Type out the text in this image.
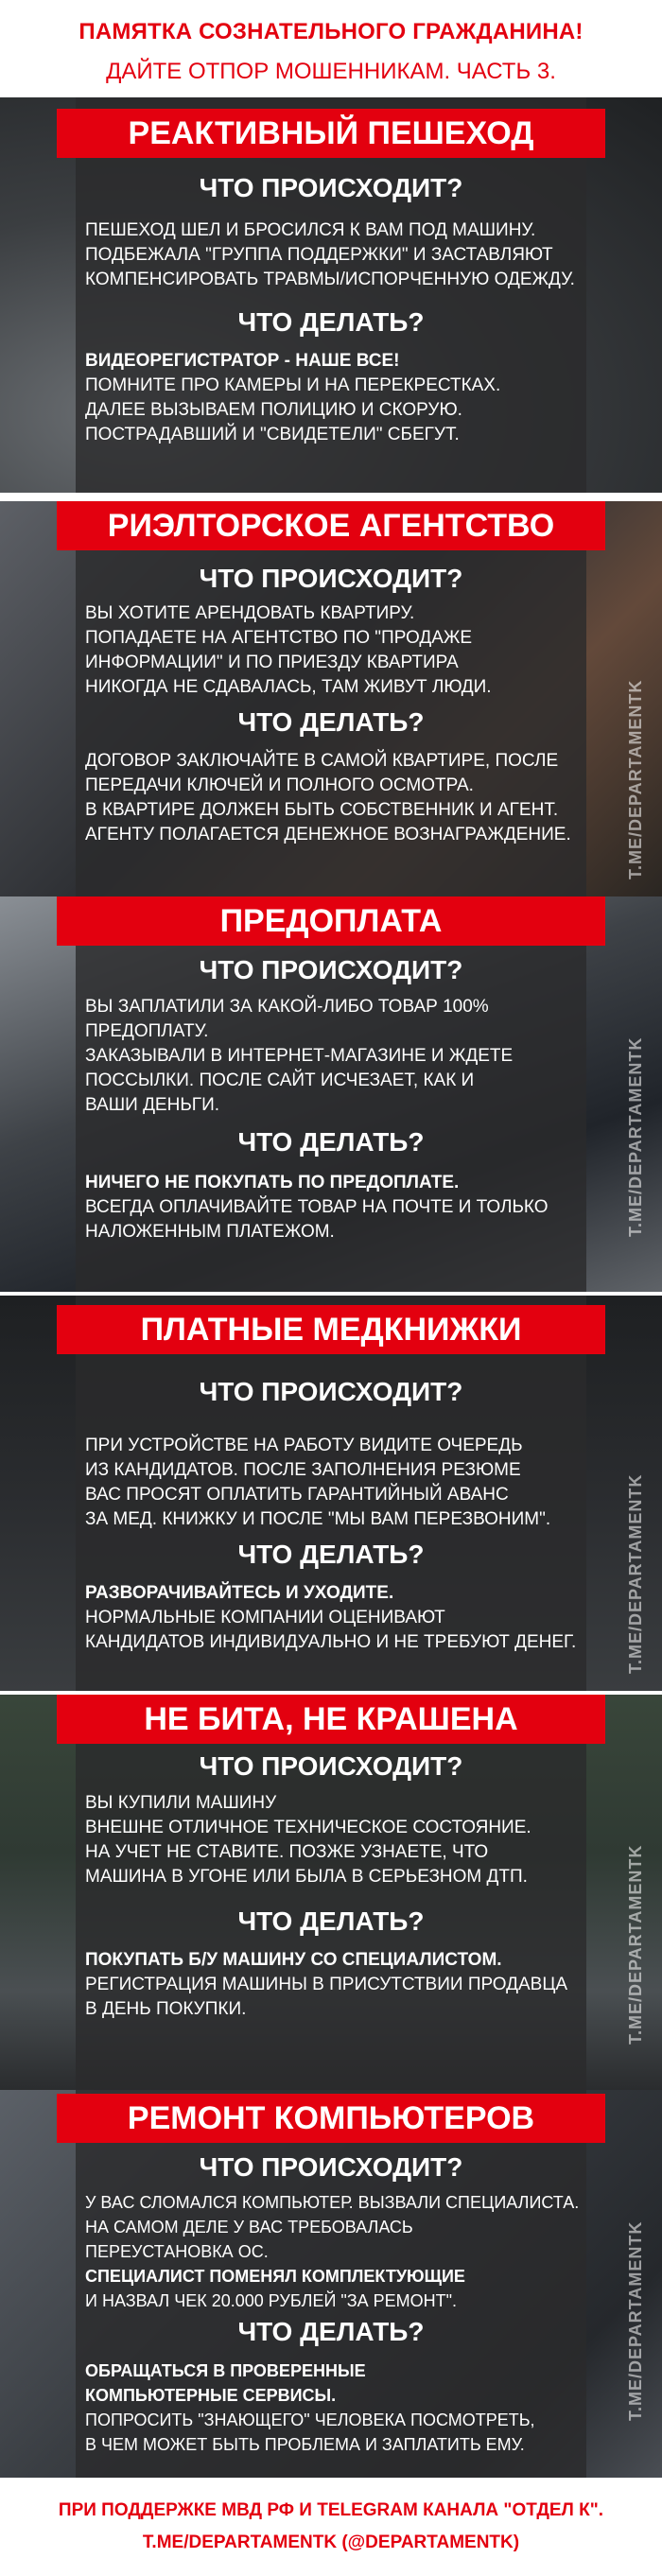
ПАМЯТКА СОЗНАТЕЛЬНОГО ГРАЖДАНИНА!
ДАЙТЕ ОТПОР МОШЕННИКАМ. ЧАСТЬ 3.
РЕАКТИВНЫЙ ПЕШЕХОД
ЧТО ПРОИСХОДИТ?
ПЕШЕХОД ШЕЛ И БРОСИЛСЯ К ВАМ ПОД МАШИНУ.
ПОДБЕЖАЛА "ГРУППА ПОДДЕРЖКИ" И ЗАСТАВЛЯЮТ
КОМПЕНСИРОВАТЬ ТРАВМЫ/ИСПОРЧЕННУЮ ОДЕЖДУ.
ЧТО ДЕЛАТЬ?
ВИДЕОРЕГИСТРАТОР - НАШЕ ВСЕ!
ПОМНИТЕ ПРО КАМЕРЫ И НА ПЕРЕКРЕСТКАХ.
ДАЛЕЕ ВЫЗЫВАЕМ ПОЛИЦИЮ И СКОРУЮ.
ПОСТРАДАВШИЙ И "СВИДЕТЕЛИ" СБЕГУТ.
РИЭЛТОРСКОЕ АГЕНТСТВО
ЧТО ПРОИСХОДИТ?
ВЫ ХОТИТЕ АРЕНДОВАТЬ КВАРТИРУ.
ПОПАДАЕТЕ НА АГЕНТСТВО ПО "ПРОДАЖЕ
ИНФОРМАЦИИ" И ПО ПРИЕЗДУ КВАРТИРА
НИКОГДА НЕ СДАВАЛАСЬ, ТАМ ЖИВУТ ЛЮДИ.
ЧТО ДЕЛАТЬ?
ДОГОВОР ЗАКЛЮЧАЙТЕ В САМОЙ КВАРТИРЕ, ПОСЛЕ
ПЕРЕДАЧИ КЛЮЧЕЙ И ПОЛНОГО ОСМОТРА.
В КВАРТИРЕ ДОЛЖЕН БЫТЬ СОБСТВЕННИК И АГЕНТ.
АГЕНТУ ПОЛАГАЕТСЯ ДЕНЕЖНОЕ ВОЗНАГРАЖДЕНИЕ.	T.ME/DEPARTAMENTK
ПРЕДОПЛАТА
ЧТО ПРОИСХОДИТ?
ВЫ ЗАПЛАТИЛИ ЗА КАКОЙ-ЛИБО ТОВАР 100%
ПРЕДОПЛАТУ.
ЗАКАЗЫВАЛИ В ИНТЕРНЕТ-МАГАЗИНЕ И ЖДЕТЕ
ПОССЫЛКИ. ПОСЛЕ САЙТ ИСЧЕЗАЕТ, КАК И
ВАШИ ДЕНЬГИ.
ЧТО ДЕЛАТЬ?
НИЧЕГО НЕ ПОКУПАТЬ ПО ПРЕДОПЛАТЕ.
ВСЕГДА ОПЛАЧИВАЙТЕ ТОВАР НА ПОЧТЕ И ТОЛЬКО
НАЛОЖЕННЫМ ПЛАТЕЖОМ.	T.ME/DEPARTAMENTK
ПЛАТНЫЕ МЕДКНИЖКИ
ЧТО ПРОИСХОДИТ?
ПРИ УСТРОЙСТВЕ НА РАБОТУ ВИДИТЕ ОЧЕРЕДЬ
ИЗ КАНДИДАТОВ. ПОСЛЕ ЗАПОЛНЕНИЯ РЕЗЮМЕ
ВАС ПРОСЯТ ОПЛАТИТЬ ГАРАНТИЙНЫЙ АВАНС
ЗА МЕД. КНИЖКУ И ПОСЛЕ "МЫ ВАМ ПЕРЕЗВОНИМ".
ЧТО ДЕЛАТЬ?
РАЗВОРАЧИВАЙТЕСЬ И УХОДИТЕ.
НОРМАЛЬНЫЕ КОМПАНИИ ОЦЕНИВАЮТ
КАНДИДАТОВ ИНДИВИДУАЛЬНО И НЕ ТРЕБУЮТ ДЕНЕГ.	T.ME/DEPARTAMENTK
НЕ БИТА, НЕ КРАШЕНА
ЧТО ПРОИСХОДИТ?
ВЫ КУПИЛИ МАШИНУ
ВНЕШНЕ ОТЛИЧНОЕ ТЕХНИЧЕСКОЕ СОСТОЯНИЕ.
НА УЧЕТ НЕ СТАВИТЕ. ПОЗЖЕ УЗНАЕТЕ, ЧТО
МАШИНА В УГОНЕ ИЛИ БЫЛА В СЕРЬЕЗНОМ ДТП.
ЧТО ДЕЛАТЬ?
ПОКУПАТЬ Б/У МАШИНУ СО СПЕЦИАЛИСТОМ.
РЕГИСТРАЦИЯ МАШИНЫ В ПРИСУТСТВИИ ПРОДАВЦА
В ДЕНЬ ПОКУПКИ.	T.ME/DEPARTAMENTK
РЕМОНТ КОМПЬЮТЕРОВ
ЧТО ПРОИСХОДИТ?
У ВАС СЛОМАЛСЯ КОМПЬЮТЕР. ВЫЗВАЛИ СПЕЦИАЛИСТА.
НА САМОМ ДЕЛЕ У ВАС ТРЕБОВАЛАСЬ
ПЕРЕУСТАНОВКА ОС.
СПЕЦИАЛИСТ ПОМЕНЯЛ КОМПЛЕКТУЮЩИЕ
И НАЗВАЛ ЧЕК 20.000 РУБЛЕЙ "ЗА РЕМОНТ".
ЧТО ДЕЛАТЬ?
ОБРАЩАТЬСЯ В ПРОВЕРЕННЫЕ КОМПЬЮТЕРНЫЕ СЕРВИСЫ.
ПОПРОСИТЬ "ЗНАЮЩЕГО" ЧЕЛОВЕКА ПОСМОТРЕТЬ,
В ЧЕМ МОЖЕТ БЫТЬ ПРОБЛЕМА И ЗАПЛАТИТЬ ЕМУ.
T.ME/DEPARTAMENTK
ПРИ ПОДДЕРЖКЕ МВД РФ И TELEGRAM КАНАЛА "ОТДЕЛ К".
T.ME/DEPARTAMENTK (@DEPARTAMENTK)
